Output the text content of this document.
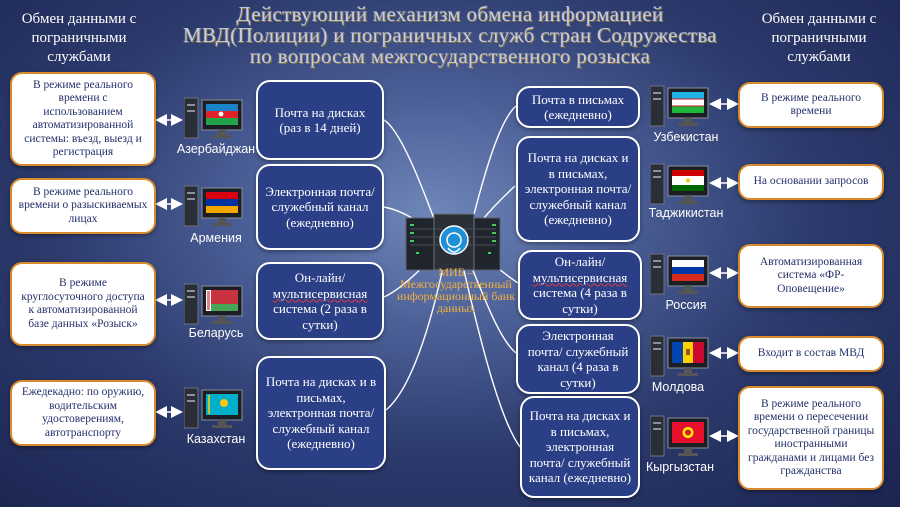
Действующий механизм обмена информацией
МВД(Полиции) и пограничных служб стран Содружества
по вопросам межгосударственного розыска
Обмен данными с пограничными службами
Обмен данными с пограничными службами
МИБ – Межгосударственный информационный банк данных
В режиме реального времени с использованием автоматизированной системы: въезд, выезд и регистрация	Азербайджан
Почта на дисках (раз в 14 дней)
В режиме реального времени о разыскиваемых лицах
Армения
Электронная почта/ служебный канал (ежедневно)
В режиме круглосуточного доступа к автоматизированной базе данных «Розыск»
Беларусь
Он-лайн/ мультисервисная система (2 раза в сутки)
Ежедекадно: по оружию, водительским удостоверениям, автотранспорту	Казахстан
Почта на дисках и в письмах, электронная почта/ служебный канал (ежедневно)
Почта в письмах (ежедневно)
Узбекистан
В режиме реального времени
Почта на дисках и в письмах, электронная почта/ служебный канал (ежедневно)	Таджикистан
На основании запросов
Он-лайн/ мультисервисная система (4 раза в сутки)	Россия
Автоматизированная система «ФР-Оповещение»
Электронная почта/ служебный канал (4 раза в сутки)	Молдова
Входит в состав МВД
Почта на дисках и в письмах, электронная почта/ служебный канал (ежедневно)
Кыргызстан
В режиме реального времени о пересечении государственной границы иностранными гражданами и лицами без гражданства
